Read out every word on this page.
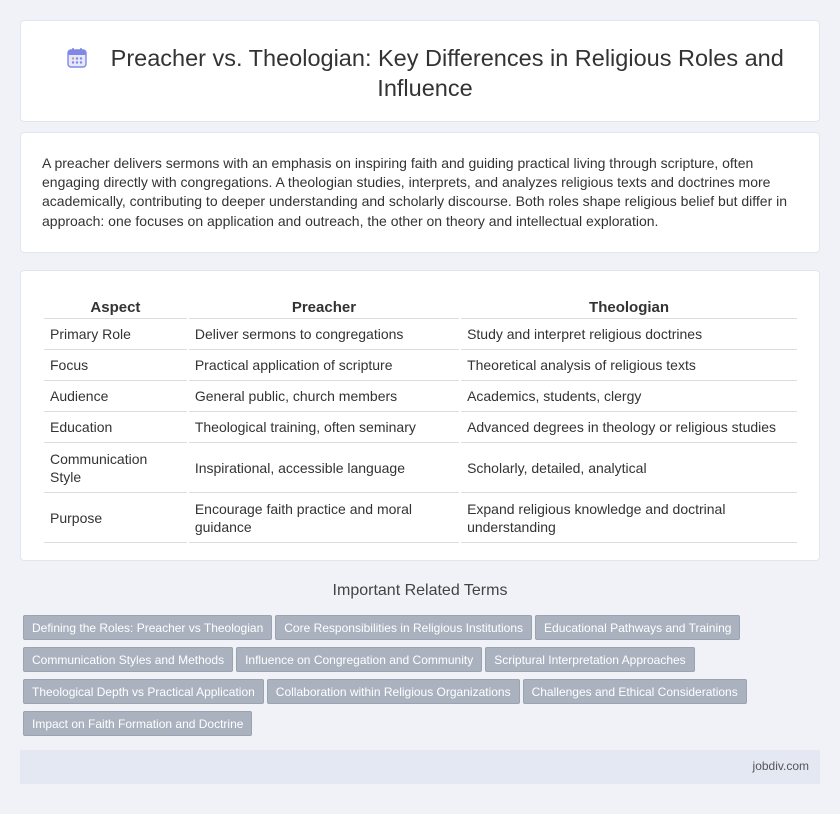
Preacher vs. Theologian: Key Differences in Religious Roles and Influence

A preacher delivers sermons with an emphasis on inspiring faith and guiding practical living through scripture, often engaging directly with congregations. A theologian studies, interprets, and analyzes religious texts and doctrines more academically, contributing to deeper understanding and scholarly discourse. Both roles shape religious belief but differ in approach: one focuses on application and outreach, the other on theory and intellectual exploration.

Aspect	Preacher	Theologian
Primary Role	Deliver sermons to congregations	Study and interpret religious doctrines
Focus	Practical application of scripture	Theoretical analysis of religious texts
Audience	General public, church members	Academics, students, clergy
Education	Theological training, often seminary	Advanced degrees in theology or religious studies
Communication Style	Inspirational, accessible language	Scholarly, detailed, analytical
Purpose	Encourage faith practice and moral guidance	Expand religious knowledge and doctrinal understanding
Important Related Terms
Defining the Roles: Preacher vs Theologian Core Responsibilities in Religious Institutions Educational Pathways and Training
Communication Styles and Methods Influence on Congregation and Community Scriptural Interpretation Approaches
Theological Depth vs Practical Application Collaboration within Religious Organizations Challenges and Ethical Considerations
Impact on Faith Formation and Doctrine
jobdiv.com
